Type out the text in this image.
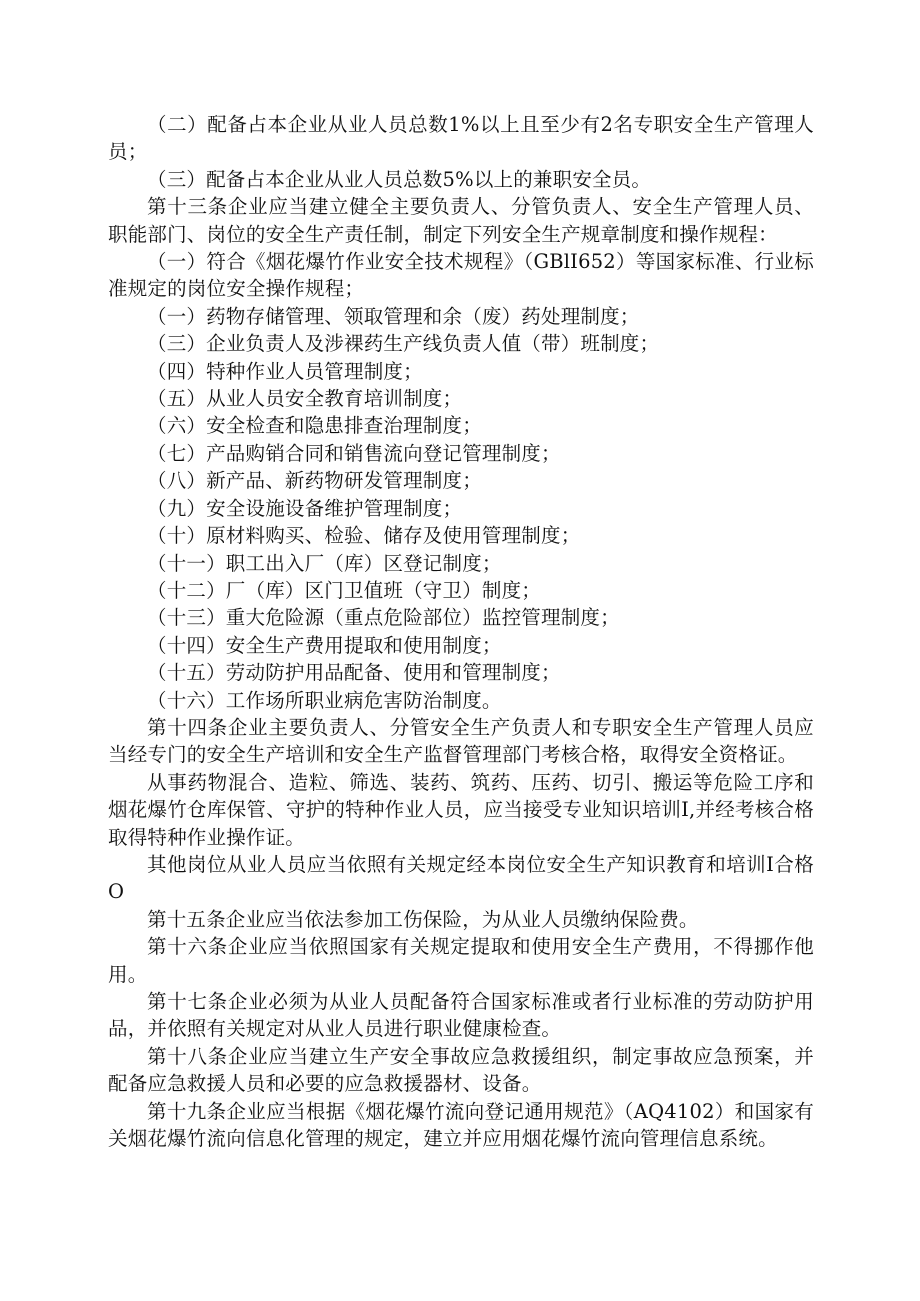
（二）配备占本企业从业人员总数1%以上且至少有2名专职安全生产管理人员；

（三）配备占本企业从业人员总数5%以上的兼职安全员。

第十三条企业应当建立健全主要负责人、分管负责人、安全生产管理人员、职能部门、岗位的安全生产责任制，制定下列安全生产规章制度和操作规程：

（一）符合《烟花爆竹作业安全技术规程》（GBlI652）等国家标准、行业标准规定的岗位安全操作规程；

（一）药物存储管理、领取管理和余（废）药处理制度；

（三）企业负责人及涉裸药生产线负责人值（带）班制度；

（四）特种作业人员管理制度；

（五）从业人员安全教育培训制度；

（六）安全检查和隐患排查治理制度；

（七）产品购销合同和销售流向登记管理制度；

（八）新产品、新药物研发管理制度；

（九）安全设施设备维护管理制度；

（十）原材料购买、检验、储存及使用管理制度；

（十一）职工出入厂（库）区登记制度；

（十二）厂（库）区门卫值班（守卫）制度；

（十三）重大危险源（重点危险部位）监控管理制度；

（十四）安全生产费用提取和使用制度；

（十五）劳动防护用品配备、使用和管理制度；

（十六）工作场所职业病危害防治制度。

第十四条企业主要负责人、分管安全生产负责人和专职安全生产管理人员应当经专门的安全生产培训和安全生产监督管理部门考核合格，取得安全资格证。

从事药物混合、造粒、筛选、装药、筑药、压药、切引、搬运等危险工序和烟花爆竹仓库保管、守护的特种作业人员，应当接受专业知识培训I,并经考核合格取得特种作业操作证。

其他岗位从业人员应当依照有关规定经本岗位安全生产知识教育和培训I合格O

第十五条企业应当依法参加工伤保险，为从业人员缴纳保险费。

第十六条企业应当依照国家有关规定提取和使用安全生产费用，不得挪作他用。

第十七条企业必须为从业人员配备符合国家标准或者行业标准的劳动防护用品，并依照有关规定对从业人员进行职业健康检查。

第十八条企业应当建立生产安全事故应急救援组织，制定事故应急预案，并配备应急救援人员和必要的应急救援器材、设备。

第十九条企业应当根据《烟花爆竹流向登记通用规范》（AQ4102）和国家有关烟花爆竹流向信息化管理的规定，建立并应用烟花爆竹流向管理信息系统。
